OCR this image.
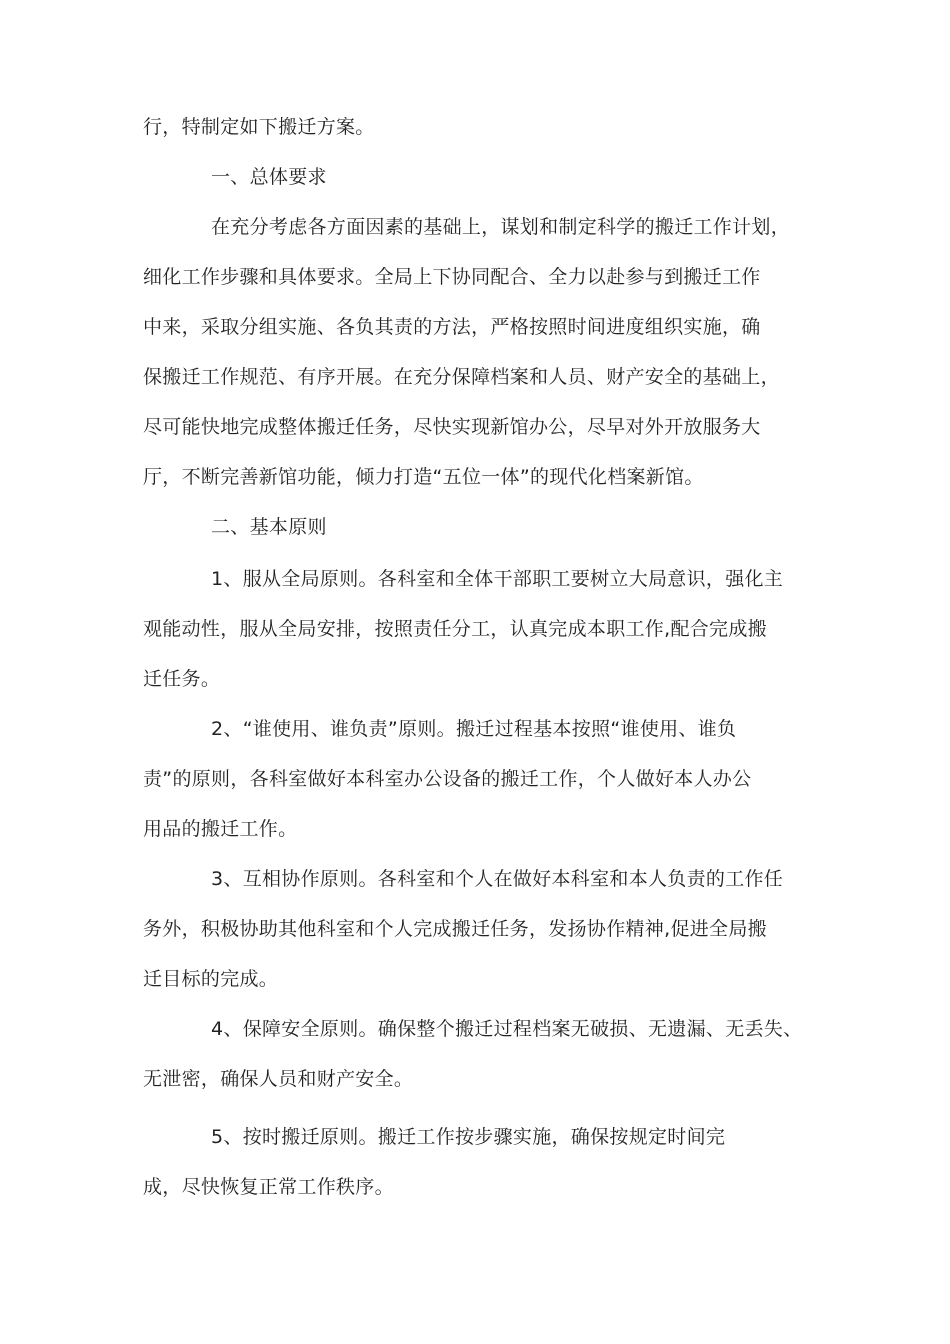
行，特制定如下搬迁方案。
一、总体要求
在充分考虑各方面因素的基础上，谋划和制定科学的搬迁工作计划，
细化工作步骤和具体要求。全局上下协同配合、全力以赴参与到搬迁工作
中来，采取分组实施、各负其责的方法，严格按照时间进度组织实施，确
保搬迁工作规范、有序开展。在充分保障档案和人员、财产安全的基础上，
尽可能快地完成整体搬迁任务，尽快实现新馆办公，尽早对外开放服务大
厅，不断完善新馆功能，倾力打造“五位一体”的现代化档案新馆。
二、基本原则
1、服从全局原则。各科室和全体干部职工要树立大局意识，强化主
观能动性，服从全局安排，按照责任分工，认真完成本职工作,配合完成搬
迁任务。
2、“谁使用、谁负责”原则。搬迁过程基本按照“谁使用、谁负
责”的原则，各科室做好本科室办公设备的搬迁工作，个人做好本人办公
用品的搬迁工作。
3、互相协作原则。各科室和个人在做好本科室和本人负责的工作任
务外，积极协助其他科室和个人完成搬迁任务，发扬协作精神,促进全局搬
迁目标的完成。
4、保障安全原则。确保整个搬迁过程档案无破损、无遗漏、无丢失、
无泄密，确保人员和财产安全。
5、按时搬迁原则。搬迁工作按步骤实施，确保按规定时间完
成，尽快恢复正常工作秩序。
